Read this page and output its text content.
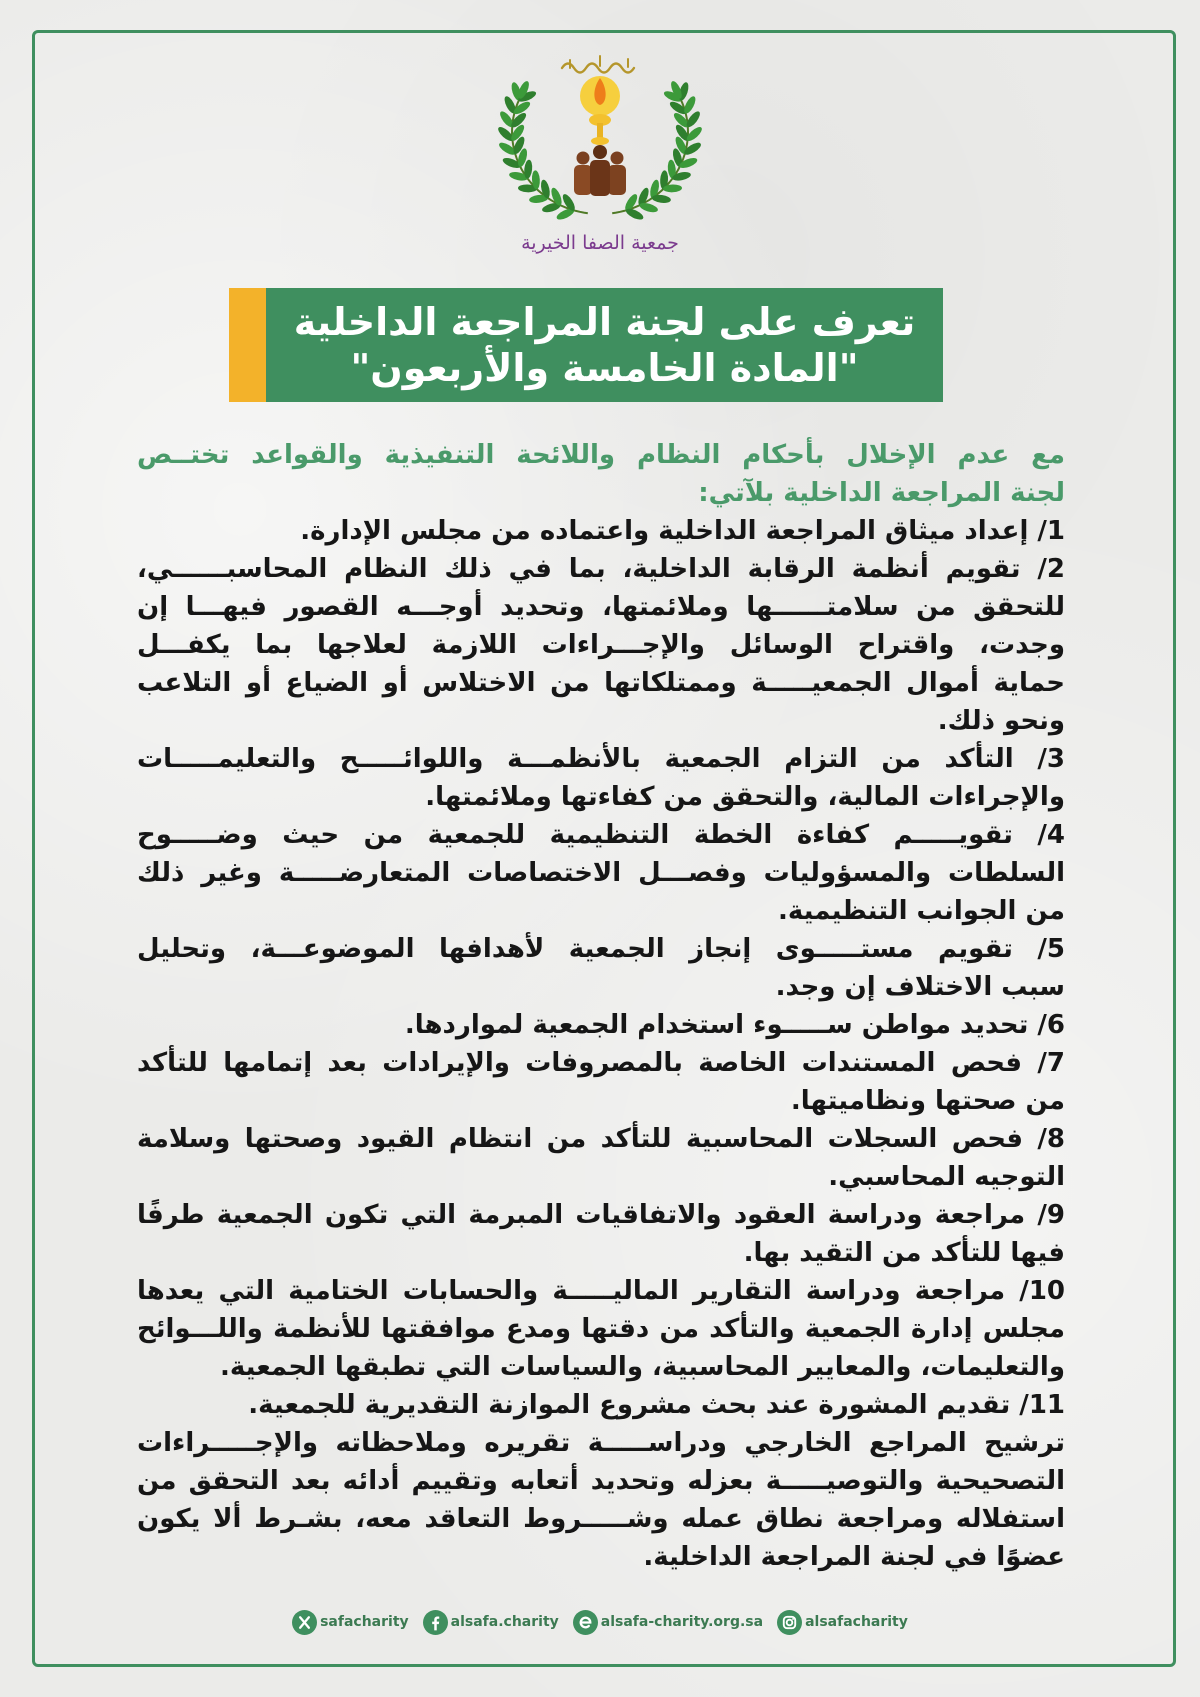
جمعية الصفا الخيرية
تعرف على لجنة المراجعة الداخلية
"المادة الخامسة والأربعون"
مع عدم الإخلال بأحكام النظام واللائحة التنفيذية والقواعد تختــص
لجنة المراجعة الداخلية بلآتي:
1/ إعداد ميثاق المراجعة الداخلية واعتماده من مجلس الإدارة.
2/ تقويم أنظمة الرقابة الداخلية، بما في ذلك النظام المحاسبــــــي،
للتحقق من سلامتــــــها وملائمتها، وتحديد أوجـــه القصور فيهـــا إن
وجدت، واقتراح الوسائل والإجـــراءات اللازمة لعلاجها بما يكفـــل
حماية أموال الجمعيـــــة وممتلكاتها من الاختلاس أو الضياع أو التلاعب
ونحو ذلك.
3/ التأكد من التزام الجمعية بالأنظمـــة واللوائـــــح والتعليمـــــات
والإجراءات المالية، والتحقق من كفاءتها وملائمتها.
4/ تقويـــــم كفاءة الخطة التنظيمية للجمعية من حيث وضـــــوح
السلطات والمسؤوليات وفصـــل الاختصاصات المتعارضـــــة وغير ذلك
من الجوانب التنظيمية.
5/ تقويم مستـــــوى إنجاز الجمعية لأهدافها الموضوعـــة، وتحليل
سبب الاختلاف إن وجد.
6/ تحديد مواطن ســـــوء استخدام الجمعية لمواردها.
7/ فحص المستندات الخاصة بالمصروفات والإيرادات بعد إتمامها للتأكد
من صحتها ونظاميتها.
8/ فحص السجلات المحاسبية للتأكد من انتظام القيود وصحتها وسلامة
التوجيه المحاسبي.
9/ مراجعة ودراسة العقود والاتفاقيات المبرمة التي تكون الجمعية طرفًا
فيها للتأكد من التقيد بها.
10/ مراجعة ودراسة التقارير الماليـــــة والحسابات الختامية التي يعدها
مجلس إدارة الجمعية والتأكد من دقتها ومدع موافقتها للأنظمة واللـــوائح
والتعليمات، والمعايير المحاسبية، والسياسات التي تطبقها الجمعية.
11/ تقديم المشورة عند بحث مشروع الموازنة التقديرية للجمعية.
ترشيح المراجع الخارجي ودراســـــة تقريره وملاحظاته والإجـــــراءات
التصحيحية والتوصيـــــة بعزله وتحديد أتعابه وتقييم أدائه بعد التحقق من
استفلاله ومراجعة نطاق عمله وشـــــروط التعاقد معه، بشـرط ألا يكون
عضوًا في لجنة المراجعة الداخلية.
safacharity	alsafa.charity	alsafa-charity.org.sa	alsafacharity
